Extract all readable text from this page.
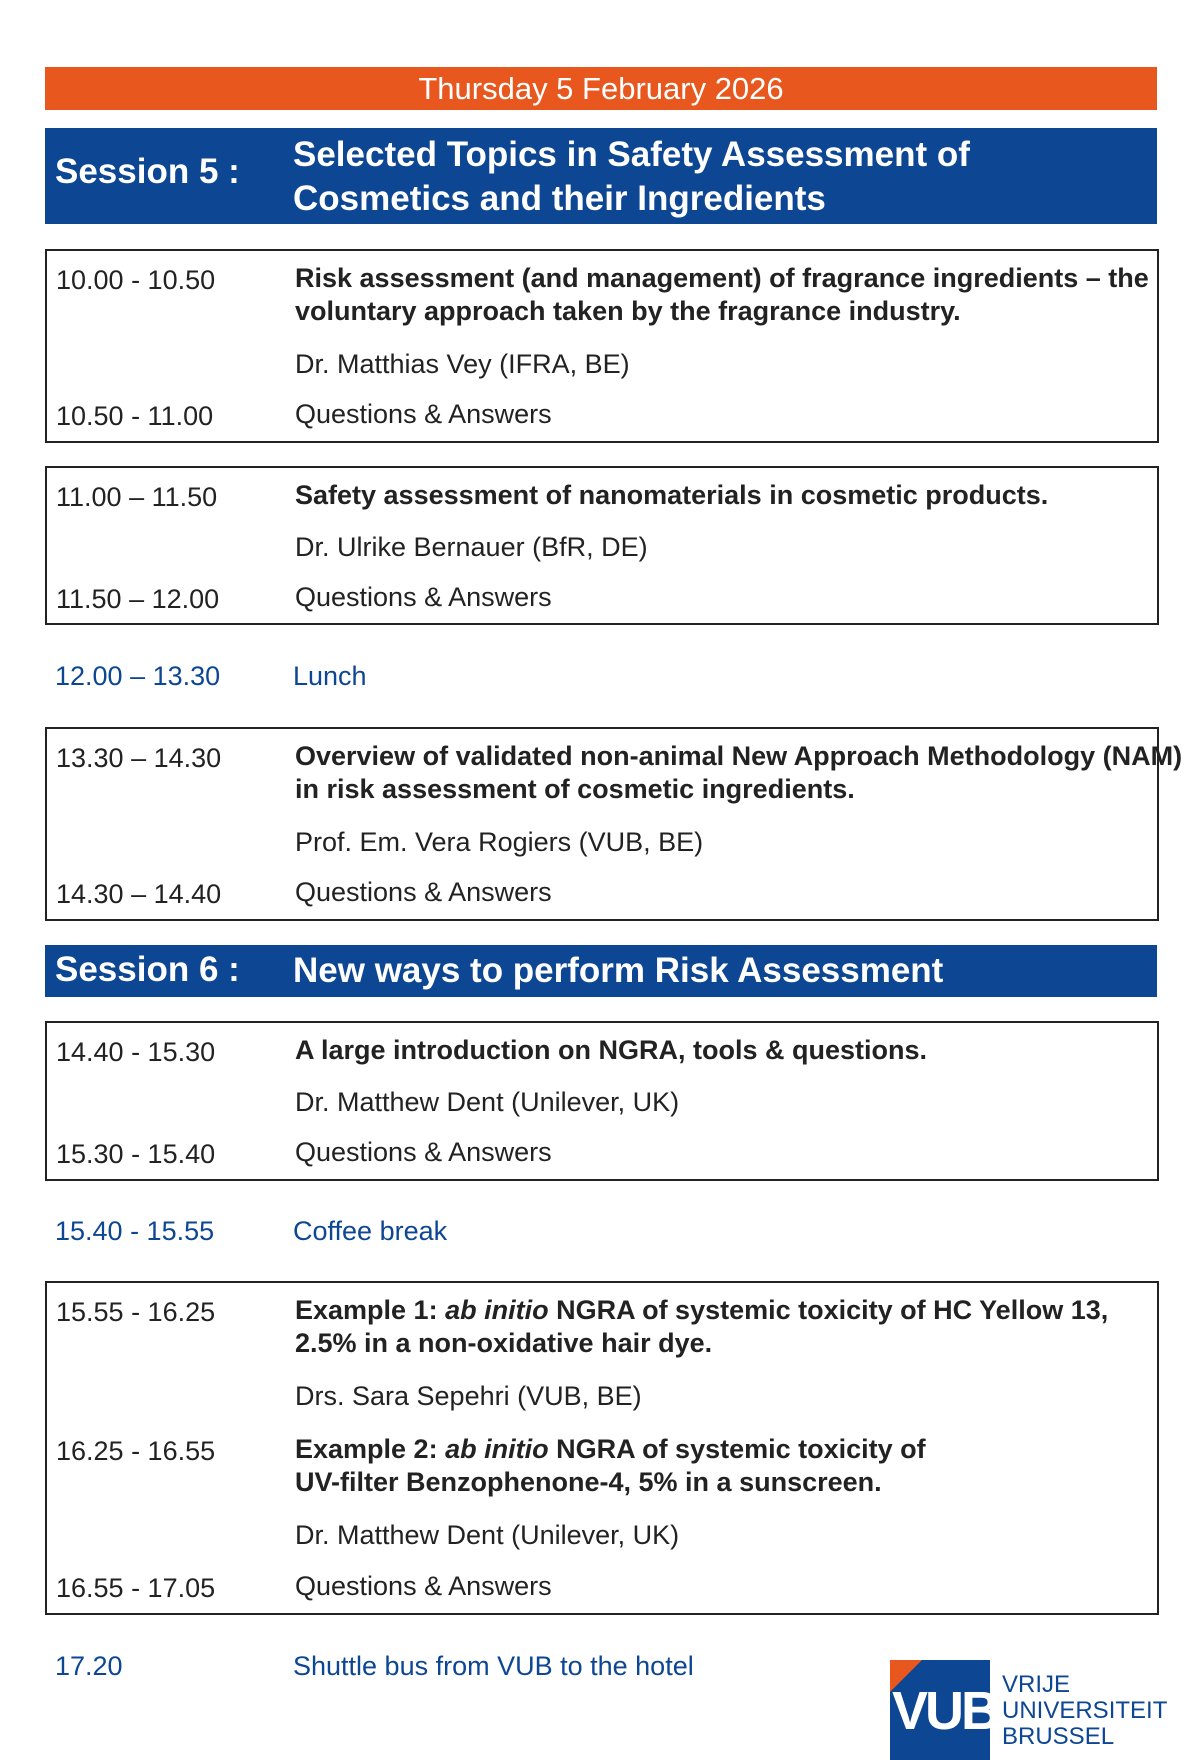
Thursday 5 February 2026
Session 5 : Selected Topics in Safety Assessment of
Cosmetics and their Ingredients
10.00 - 10.50	Risk assessment (and management) of fragrance ingredients – the
voluntary approach taken by the fragrance industry.
Dr. Matthias Vey (IFRA, BE)
10.50 - 11.00	Questions & Answers
11.00 – 11.50	Safety assessment of nanomaterials in cosmetic products.
Dr. Ulrike Bernauer (BfR, DE)
11.50 – 12.00	Questions & Answers
12.00 – 13.30	Lunch
13.30 – 14.30	Overview of validated non-animal New Approach Methodology (NAM)
in risk assessment of cosmetic ingredients.
Prof. Em. Vera Rogiers (VUB, BE)
14.30 – 14.40	Questions & Answers
Session 6 : New ways to perform Risk Assessment
14.40 - 15.30	A large introduction on NGRA, tools & questions.
Dr. Matthew Dent (Unilever, UK)
15.30 - 15.40	Questions & Answers
15.40 - 15.55	Coffee break
15.55 - 16.25	Example 1: ab initio NGRA of systemic toxicity of HC Yellow 13,
2.5% in a non-oxidative hair dye.
Drs. Sara Sepehri (VUB, BE)
16.25 - 16.55	Example 2: ab initio NGRA of systemic toxicity of
UV-filter Benzophenone-4, 5% in a sunscreen.
Dr. Matthew Dent (Unilever, UK)
16.55 - 17.05	Questions & Answers
17.20	Shuttle bus from VUB to the hotel
VUB VRIJE
UNIVERSITEIT
BRUSSEL
